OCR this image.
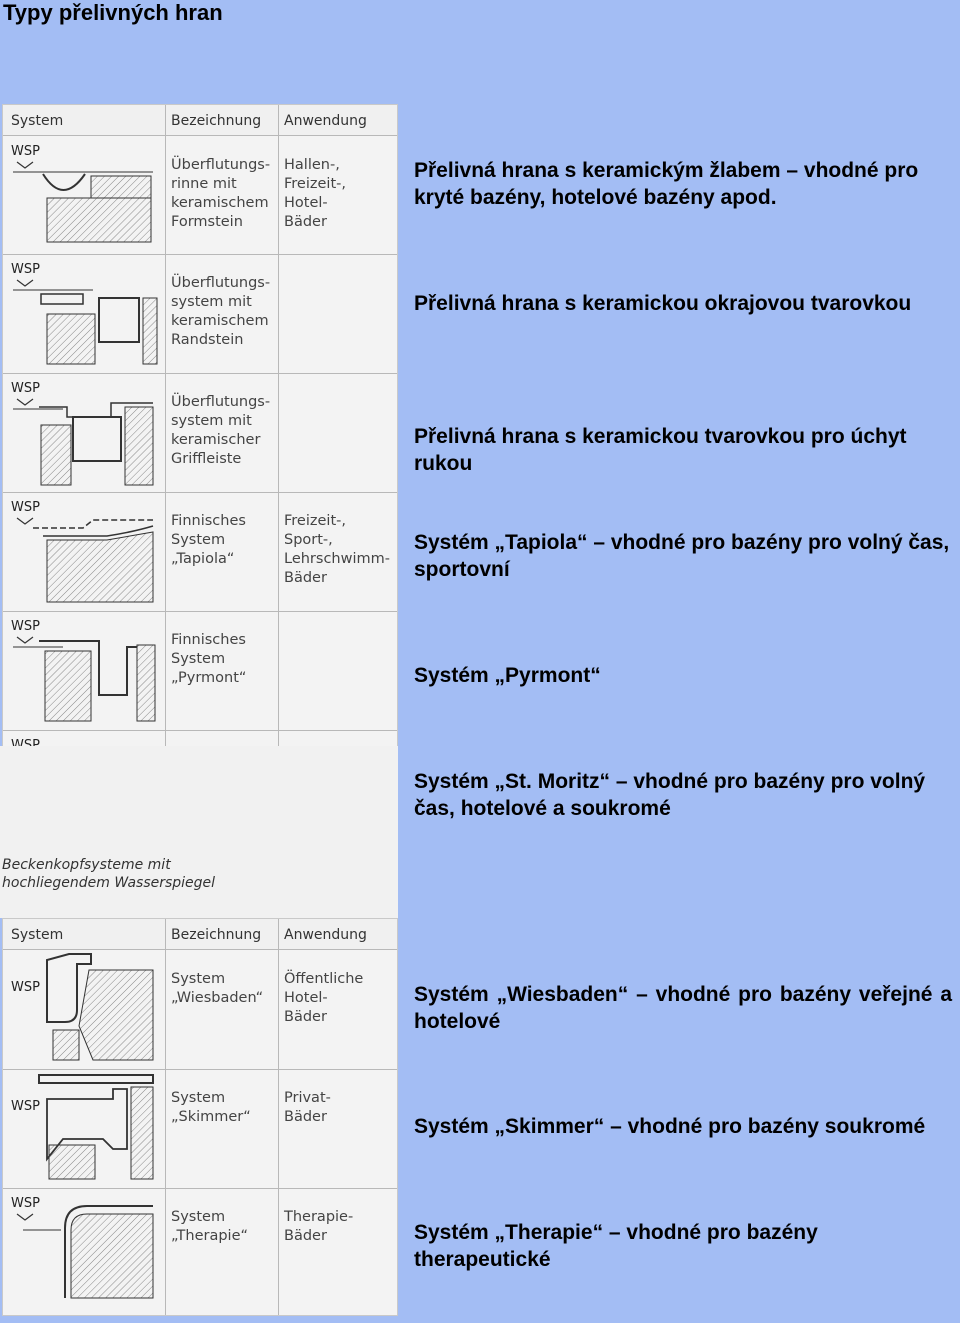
Typy přelivných hran
System	Bezeichnung Anwendung
WSP
Überflutungs-
rinne mit
keramischem
Formstein
Hallen-,
Freizeit-,
Hotel-
Bäder
WSP
Überflutungs-
system mit
keramischem
Randstein
WSP
Überflutungs-
system mit
keramischer
Griffleiste
WSP
Finnisches
System
„Tapiola“
Freizeit-,
Sport-,
Lehrschwimm-
Bäder
WSP
Finnisches
System
„Pyrmont“
Beckenkopfsysteme mit
hochliegendem Wasserspiegel
System	Bezeichnung Anwendung
WSP
System
„Wiesbaden“
Öffentliche
Hotel-
Bäder
WSP
System
„Skimmer“
Privat-
Bäder
WSP
System
„Therapie“
Therapie-
Bäder
Přelivná hrana s keramickým žlabem – vhodné pro kryté bazény, hotelové bazény apod.
Přelivná hrana s keramickou okrajovou tvarovkou
Přelivná hrana s keramickou tvarovkou pro úchyt rukou
Systém „Tapiola“ – vhodné pro bazény pro volný čas, sportovní
Systém „Pyrmont“
Systém „St. Moritz“ – vhodné pro bazény pro volný čas, hotelové a soukromé
Systém „Wiesbaden“ – vhodné pro bazény veřejné a hotelové
Systém „Skimmer“ – vhodné pro bazény soukromé
Systém „Therapie“ – vhodné pro bazény therapeutické
